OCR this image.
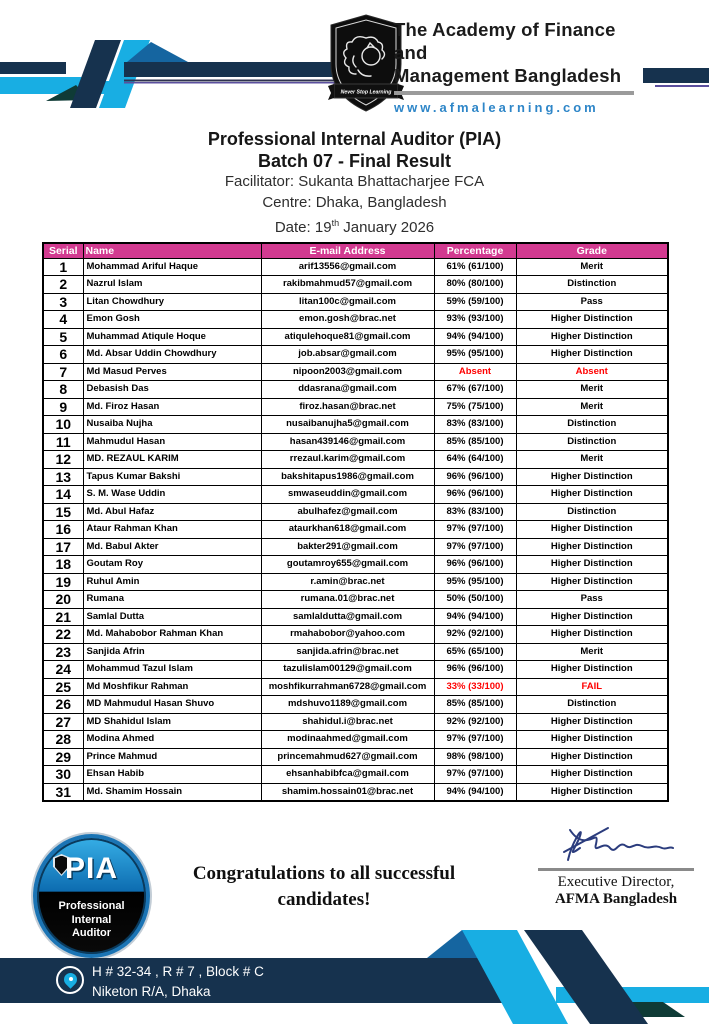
Never Stop Learning
The Academy of Finance and
Management Bangladesh
www.afmalearning.com
Professional Internal Auditor (PIA)
Batch 07 - Final Result
Facilitator: Sukanta Bhattacharjee FCA
Centre: Dhaka, Bangladesh
Date: 19th January 2026
Serial	Name	E-mail Address	Percentage	Grade
1	Mohammad Ariful Haque	arif13556@gmail.com	61% (61/100)	Merit
2	Nazrul Islam	rakibmahmud57@gmail.com	80% (80/100)	Distinction
3	Litan Chowdhury	litan100c@gmail.com	59% (59/100)	Pass
4	Emon Gosh	emon.gosh@brac.net	93% (93/100)	Higher Distinction
5	Muhammad Atiqule Hoque	atiqulehoque81@gmail.com	94% (94/100)	Higher Distinction
6	Md. Absar Uddin Chowdhury	job.absar@gmail.com	95% (95/100)	Higher Distinction
7	Md Masud Perves	nipoon2003@gmail.com	Absent	Absent
8	Debasish Das	ddasrana@gmail.com	67% (67/100)	Merit
9	Md. Firoz Hasan	firoz.hasan@brac.net	75% (75/100)	Merit
10	Nusaiba Nujha	nusaibanujha5@gmail.com	83% (83/100)	Distinction
11	Mahmudul Hasan	hasan439146@gmail.com	85% (85/100)	Distinction
12	MD. REZAUL KARIM	rrezaul.karim@gmail.com	64% (64/100)	Merit
13	Tapus Kumar Bakshi	bakshitapus1986@gmail.com	96% (96/100)	Higher Distinction
14	S. M. Wase Uddin	smwaseuddin@gmail.com	96% (96/100)	Higher Distinction
15	Md. Abul Hafaz	abulhafez@gmail.com	83% (83/100)	Distinction
16	Ataur Rahman Khan	ataurkhan618@gmail.com	97% (97/100)	Higher Distinction
17	Md. Babul Akter	bakter291@gmail.com	97% (97/100)	Higher Distinction
18	Goutam Roy	goutamroy655@gmail.com	96% (96/100)	Higher Distinction
19	Ruhul Amin	r.amin@brac.net	95% (95/100)	Higher Distinction
20	Rumana	rumana.01@brac.net	50% (50/100)	Pass
21	Samlal Dutta	samlaldutta@gmail.com	94% (94/100)	Higher Distinction
22	Md. Mahabobor Rahman Khan	rmahabobor@yahoo.com	92% (92/100)	Higher Distinction
23	Sanjida Afrin	sanjida.afrin@brac.net	65% (65/100)	Merit
24	Mohammud Tazul Islam	tazulislam00129@gmail.com	96% (96/100)	Higher Distinction
25	Md Moshfikur Rahman	moshfikurrahman6728@gmail.com	33% (33/100)	FAIL
26	MD Mahmudul Hasan Shuvo	mdshuvo1189@gmail.com	85% (85/100)	Distinction
27	MD Shahidul Islam	shahidul.i@brac.net	92% (92/100)	Higher Distinction
28	Modina Ahmed	modinaahmed@gmail.com	97% (97/100)	Higher Distinction
29	Prince Mahmud	princemahmud627@gmail.com	98% (98/100)	Higher Distinction
30	Ehsan Habib	ehsanhabibfca@gmail.com	97% (97/100)	Higher Distinction
31	Md. Shamim Hossain	shamim.hossain01@brac.net	94% (94/100)	Higher Distinction
PIA
Professional
Internal
Auditor
Congratulations to all successful
candidates!
Executive Director,
AFMA Bangladesh
H # 32-34 , R # 7 , Block # C
Niketon R/A, Dhaka
